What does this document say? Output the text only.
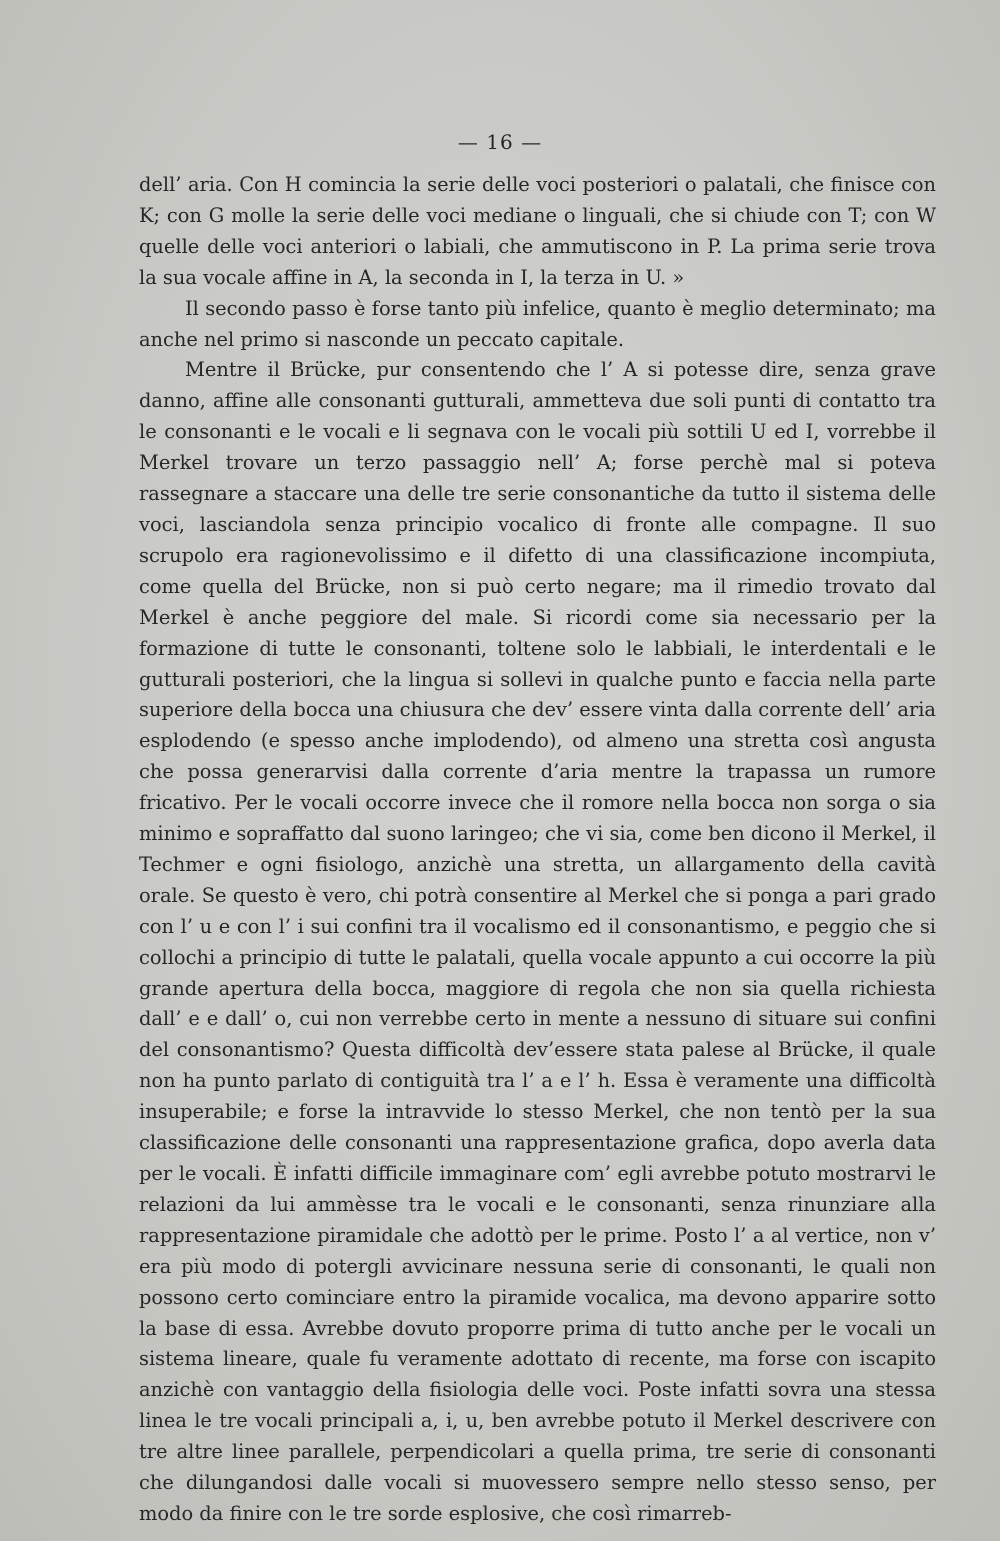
— 16 —

dell’ aria. Con H comincia la serie delle voci posteriori o palatali, che finisce con K; con G molle la serie delle voci mediane o linguali, che si chiude con T; con W quelle delle voci anteriori o labiali, che ammutiscono in P. La prima serie trova la sua vocale affine in A, la seconda in I, la terza in U. »

Il secondo passo è forse tanto più infelice, quanto è meglio determinato; ma anche nel primo si nasconde un peccato capitale.

Mentre il Brücke, pur consentendo che l’ A si potesse dire, senza grave danno, affine alle consonanti gutturali, ammetteva due soli punti di contatto tra le consonanti e le vocali e li segnava con le vocali più sottili U ed I, vorrebbe il Merkel trovare un terzo passaggio nell’ A; forse perchè mal si poteva rassegnare a staccare una delle tre serie consonantiche da tutto il sistema delle voci, lasciandola senza principio vocalico di fronte alle compagne. Il suo scrupolo era ragionevolissimo e il difetto di una classificazione incompiuta, come quella del Brücke, non si può certo negare; ma il rimedio trovato dal Merkel è anche peggiore del male. Si ricordi come sia necessario per la formazione di tutte le consonanti, toltene solo le labbiali, le interdentali e le gutturali posteriori, che la lingua si sollevi in qualche punto e faccia nella parte superiore della bocca una chiusura che dev’ essere vinta dalla corrente dell’ aria esplodendo (e spesso anche implodendo), od almeno una stretta così angusta che possa generarvisi dalla corrente d’aria mentre la trapassa un rumore fricativo. Per le vocali occorre invece che il romore nella bocca non sorga o sia minimo e sopraffatto dal suono laringeo; che vi sia, come ben dicono il Merkel, il Techmer e ogni fisiologo, anzichè una stretta, un allargamento della cavità orale. Se questo è vero, chi potrà consentire al Merkel che si ponga a pari grado con l’ u e con l’ i sui confini tra il vocalismo ed il consonantismo, e peggio che si collochi a principio di tutte le palatali, quella vocale appunto a cui occorre la più grande apertura della bocca, maggiore di regola che non sia quella richiesta dall’ e e dall’ o, cui non verrebbe certo in mente a nessuno di situare sui confini del consonantismo? Questa difficoltà dev’essere stata palese al Brücke, il quale non ha punto parlato di contiguità tra l’ a e l’ h. Essa è veramente una difficoltà insuperabile; e forse la intravvide lo stesso Merkel, che non tentò per la sua classificazione delle consonanti una rappresentazione grafica, dopo averla data per le vocali. È infatti difficile immaginare com’ egli avrebbe potuto mostrarvi le relazioni da lui ammèsse tra le vocali e le consonanti, senza rinunziare alla rappresentazione piramidale che adottò per le prime. Posto l’ a al vertice, non v’ era più modo di potergli avvicinare nessuna serie di consonanti, le quali non possono certo cominciare entro la piramide vocalica, ma devono apparire sotto la base di essa. Avrebbe dovuto proporre prima di tutto anche per le vocali un sistema lineare, quale fu veramente adottato di recente, ma forse con iscapito anzichè con vantaggio della fisiologia delle voci. Poste infatti sovra una stessa linea le tre vocali principali a, i, u, ben avrebbe potuto il Merkel descrivere con tre altre linee parallele, perpendicolari a quella prima, tre serie di consonanti che dilungandosi dalle vocali si muovessero sempre nello stesso senso, per modo da finire con le tre sorde esplosive, che così rimarreb-
